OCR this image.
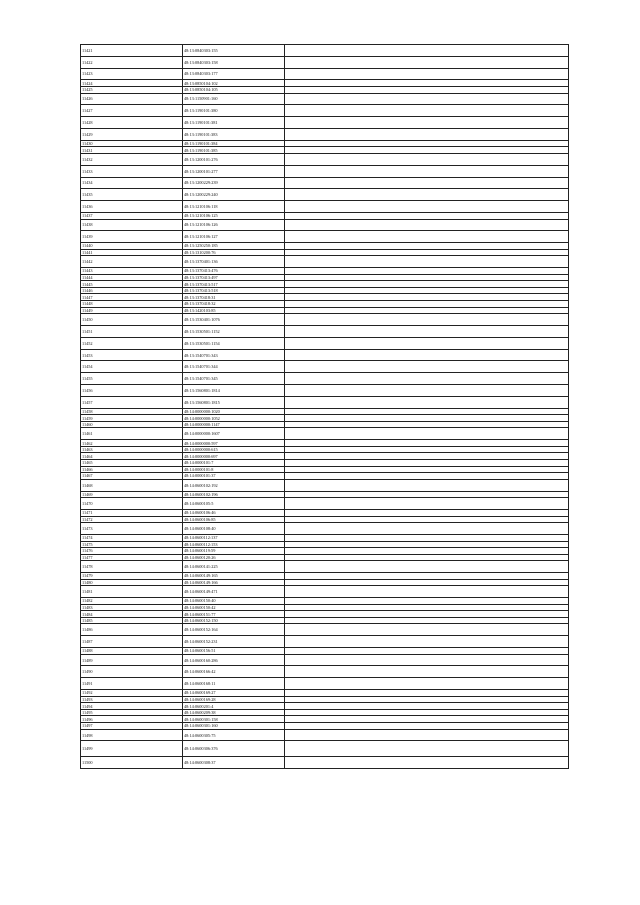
11421	48:13:0840303:155	
11422	48:13:0840303:158	
11423	48:13:0840303:177	
11424	48:13:0850104:102	
11425	48:13:0850104:105	
11426	48:13:1150901:160	
11427	48:13:1190101:380	
11428	48:13:1190101:381	
11429	48:13:1190101:383	
11430	48:13:1190101:384	
11431	48:13:1190101:385	
11432	48:13:1200101:276	
11433	48:13:1200101:277	
11434	48:13:1200229:239	
11435	48:13:1200229:240	
11436	48:13:1210106:118	
11437	48:13:1210106:125	
11438	48:13:1210106:126	
11439	48:13:1210106:127	
11440	48:13:1250250:185	
11441	48:13:1310200:76	
11442	48:13:1370401:136	
11443	48:13:1370413:476	
11444	48:13:1370413:497	
11445	48:13:1370413:517	
11446	48:13:1370413:518	
11447	48:13:1370418:31	
11448	48:13:1370418:32	
11449	48:13:1420103:85	
11450	48:13:1530401:1076	
11451	48:13:1530501:1152	
11452	48:13:1530501:1154	
11453	48:13:1540701:343	
11454	48:13:1540701:344	
11455	48:13:1540701:345	
11456	48:13:1560801:1814	
11457	48:13:1560801:1815	
11458	48:14:0000000:1020	
11459	48:14:0000000:1052	
11460	48:14:0000000:1147	
11461	48:14:0000000:1607	
11462	48:14:0000000:597	
11463	48:14:0000000:615	
11464	48:14:0000000:697	
11465	48:14:0000101:7	
11466	48:14:0000101:8	
11467	48:14:0000101:37	
11468	48:14:0600102:192	
11469	48:14:0600102:196	
11470	48:14:0600105:5	
11471	48:14:0600106:46	
11472	48:14:0600106:85	
11473	48:14:0600108:40	
11474	48:14:0600112:137	
11475	48:14:0600112:153	
11476	48:14:0600119:59	
11477	48:14:0600120:26	
11478	48:14:0600141:225	
11479	48:14:0600149:165	
11480	48:14:0600149:166	
11481	48:14:0600149:471	
11482	48:14:0600150:40	
11483	48:14:0600150:42	
11484	48:14:0600151:77	
11485	48:14:0600152:150	
11486	48:14:0600152:164	
11487	48:14:0600152:231	
11488	48:14:0600156:51	
11489	48:14:0600160:286	
11490	48:14:0600166:42	
11491	48:14:0600168:11	
11492	48:14:0600169:27	
11493	48:14:0600169:28	
11494	48:14:0600201:4	
11495	48:14:0600209:38	
11496	48:14:0600301:158	
11497	48:14:0600301:160	
11498	48:14:0600305:75	
11499	48:14:0600306:376	
11500	48:14:0600308:37	
